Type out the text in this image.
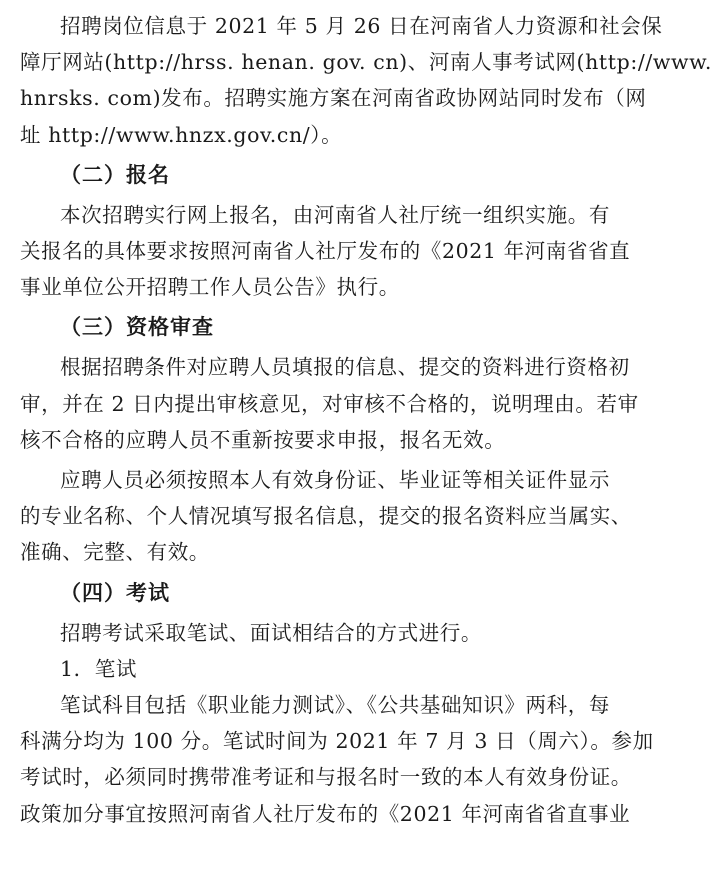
招聘岗位信息于 2021 年 5 月 26 日在河南省人力资源和社会保
障厅网站(http://hrss. henan. gov. cn)、河南人事考试网(http://www.
hnrsks. com)发布。招聘实施方案在河南省政协网站同时发布（网
址 http://www.hnzx.gov.cn/）。
（二）报名
本次招聘实行网上报名，由河南省人社厅统一组织实施。有
关报名的具体要求按照河南省人社厅发布的《2021 年河南省省直
事业单位公开招聘工作人员公告》执行。
（三）资格审查
根据招聘条件对应聘人员填报的信息、提交的资料进行资格初
审，并在 2 日内提出审核意见，对审核不合格的，说明理由。若审
核不合格的应聘人员不重新按要求申报，报名无效。
应聘人员必须按照本人有效身份证、毕业证等相关证件显示
的专业名称、个人情况填写报名信息，提交的报名资料应当属实、
准确、完整、有效。
（四）考试
招聘考试采取笔试、面试相结合的方式进行。
1．笔试
笔试科目包括《职业能力测试》、《公共基础知识》两科，每
科满分均为 100 分。笔试时间为 2021 年 7 月 3 日（周六）。参加
考试时，必须同时携带准考证和与报名时一致的本人有效身份证。
政策加分事宜按照河南省人社厅发布的《2021 年河南省省直事业
